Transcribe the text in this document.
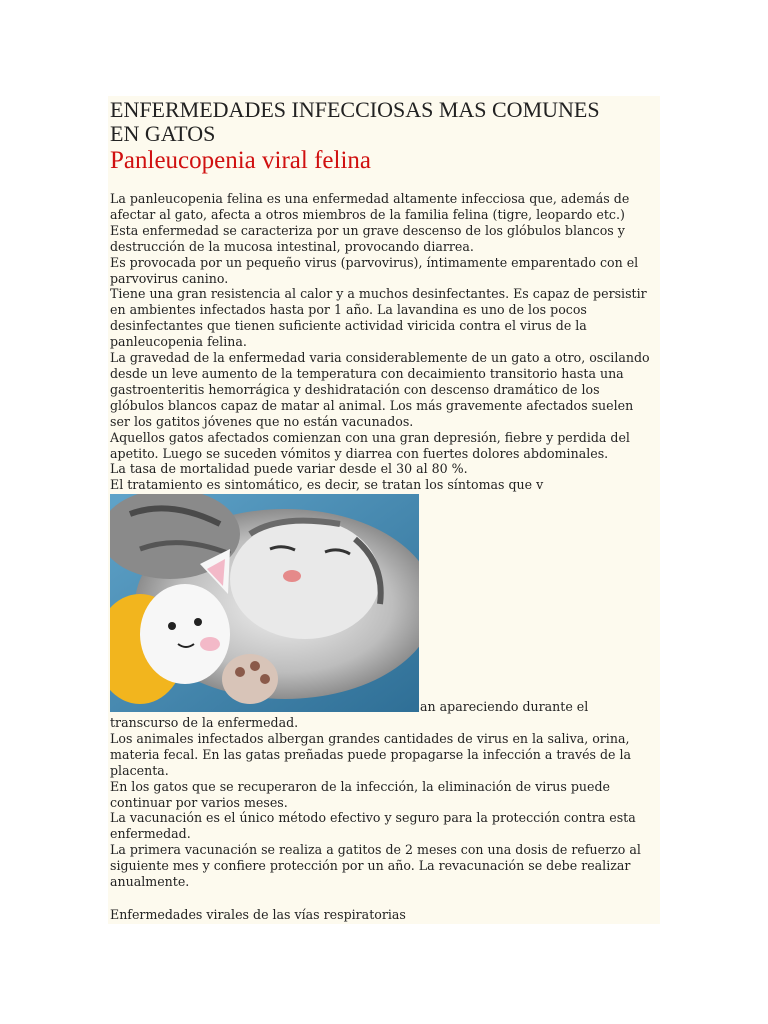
ENFERMEDADES INFECCIOSAS MAS COMUNES
EN GATOS
Panleucopenia viral felina
La panleucopenia felina es una enfermedad altamente infecciosa que, además de
afectar al gato, afecta a otros miembros de la familia felina (tigre, leopardo etc.)
Esta enfermedad se caracteriza por un grave descenso de los glóbulos blancos y
destrucción de la mucosa intestinal, provocando diarrea.
Es provocada por un pequeño virus (parvovirus), íntimamente emparentado con el
parvovirus canino.
Tiene una gran resistencia al calor y a muchos desinfectantes. Es capaz de persistir
en ambientes infectados hasta por 1 año. La lavandina es uno de los pocos
desinfectantes que tienen suficiente actividad viricida contra el virus de la
panleucopenia felina.
La gravedad de la enfermedad varia considerablemente de un gato a otro, oscilando
desde un leve aumento de la temperatura con decaimiento transitorio hasta una
gastroenteritis hemorrágica y deshidratación con descenso dramático de los
glóbulos blancos capaz de matar al animal. Los más gravemente afectados suelen
ser los gatitos jóvenes que no están vacunados.
Aquellos gatos afectados comienzan con una gran depresión, fiebre y perdida del
apetito. Luego se suceden vómitos y diarrea con fuertes dolores abdominales.
La tasa de mortalidad puede variar desde el 30 al 80 %.
El tratamiento es sintomático, es decir, se tratan los síntomas que v
an apareciendo durante el
transcurso de la enfermedad.
Los animales infectados albergan grandes cantidades de virus en la saliva, orina,
materia fecal. En las gatas preñadas puede propagarse la infección a través de la
placenta.
En los gatos que se recuperaron de la infección, la eliminación de virus puede
continuar por varios meses.
La vacunación es el único método efectivo y seguro para la protección contra esta
enfermedad.
La primera vacunación se realiza a gatitos de 2 meses con una dosis de refuerzo al
siguiente mes y confiere protección por un año. La revacunación se debe realizar
anualmente.
Enfermedades virales de las vías respiratorias
